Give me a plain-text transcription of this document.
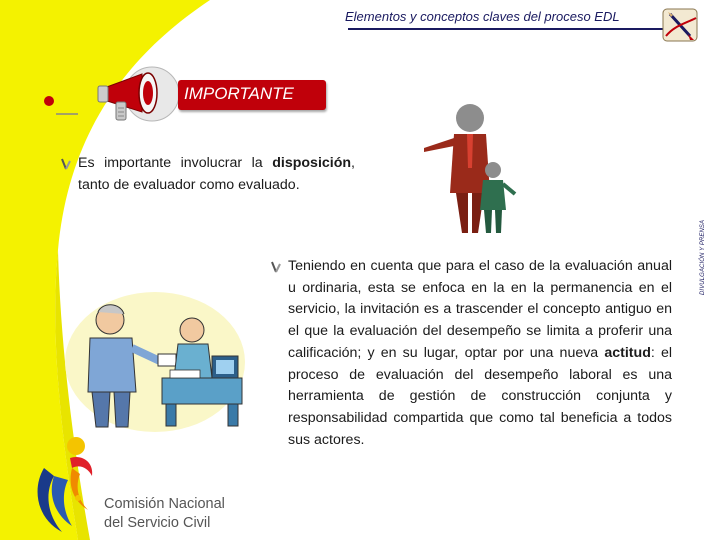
Elementos y conceptos claves del proceso EDL
DIVULGACIÓN Y PRENSA
IMPORTANTE
Es importante involucrar la disposición, tanto de evaluador como evaluado.
Teniendo en cuenta que para el caso de la evaluación anual u ordinaria, esta se enfoca en la en la permanencia en el servicio, la invitación es a trascender el concepto antiguo en el que la evaluación del desempeño se limita a proferir una calificación; y en su lugar, optar por una nueva actitud: el proceso de evaluación del desempeño laboral es una herramienta de gestión de construcción conjunta y responsabilidad compartida que como tal beneficia a todos sus actores.
Comisión Nacional
del Servicio Civil
